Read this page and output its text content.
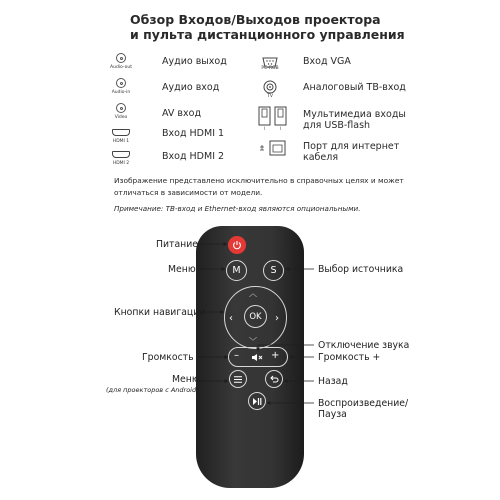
Обзор Входов/Выходов проектора
и пульта дистанционного управления
Audio-out
Аудио выход
Audio-in	Аудио вход
Video	AV вход
HDMI 1
Вход HDMI 1
HDMI 2
Вход HDMI 2
PC-RGB
Вход VGA
TV
Аналоговый ТВ-вход
I	I
Мультимедиа входы
для USB-flash
Порт для интернет
кабеля
Изображение представлено исключительно в справочных целях и может
отличаться в зависимости от модели.
Примечание: ТВ-вход и Ethernet-вход являются опциональными.
M	S
︿
﹀
‹	›
OK
–	+
Питание
Меню
Кнопки навигации
Громкость -
Меню
(для проекторов с Android)
Выбор источника
Отключение звука
Громкость +
Назад
Воспроизведение/
Пауза
